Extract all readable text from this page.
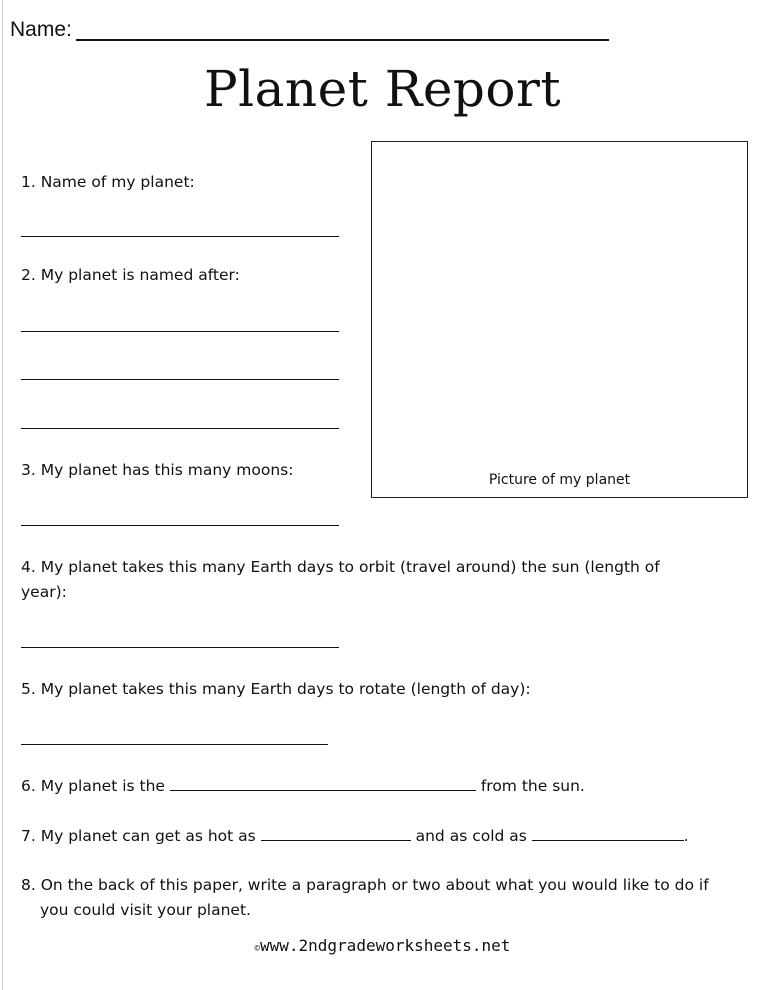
Name:
Planet Report
Picture of my planet
1. Name of my planet:
2. My planet is named after:
3. My planet has this many moons:
4. My planet takes this many Earth days to orbit (travel around) the sun (length of
year):
5. My planet takes this many Earth days to rotate (length of day):
6. My planet is the	from the sun.
7. My planet can get as hot as	and as cold as	.
8. On the back of this paper, write a paragraph or two about what you would like to do if you could visit your planet.
©www.2ndgradeworksheets.net
